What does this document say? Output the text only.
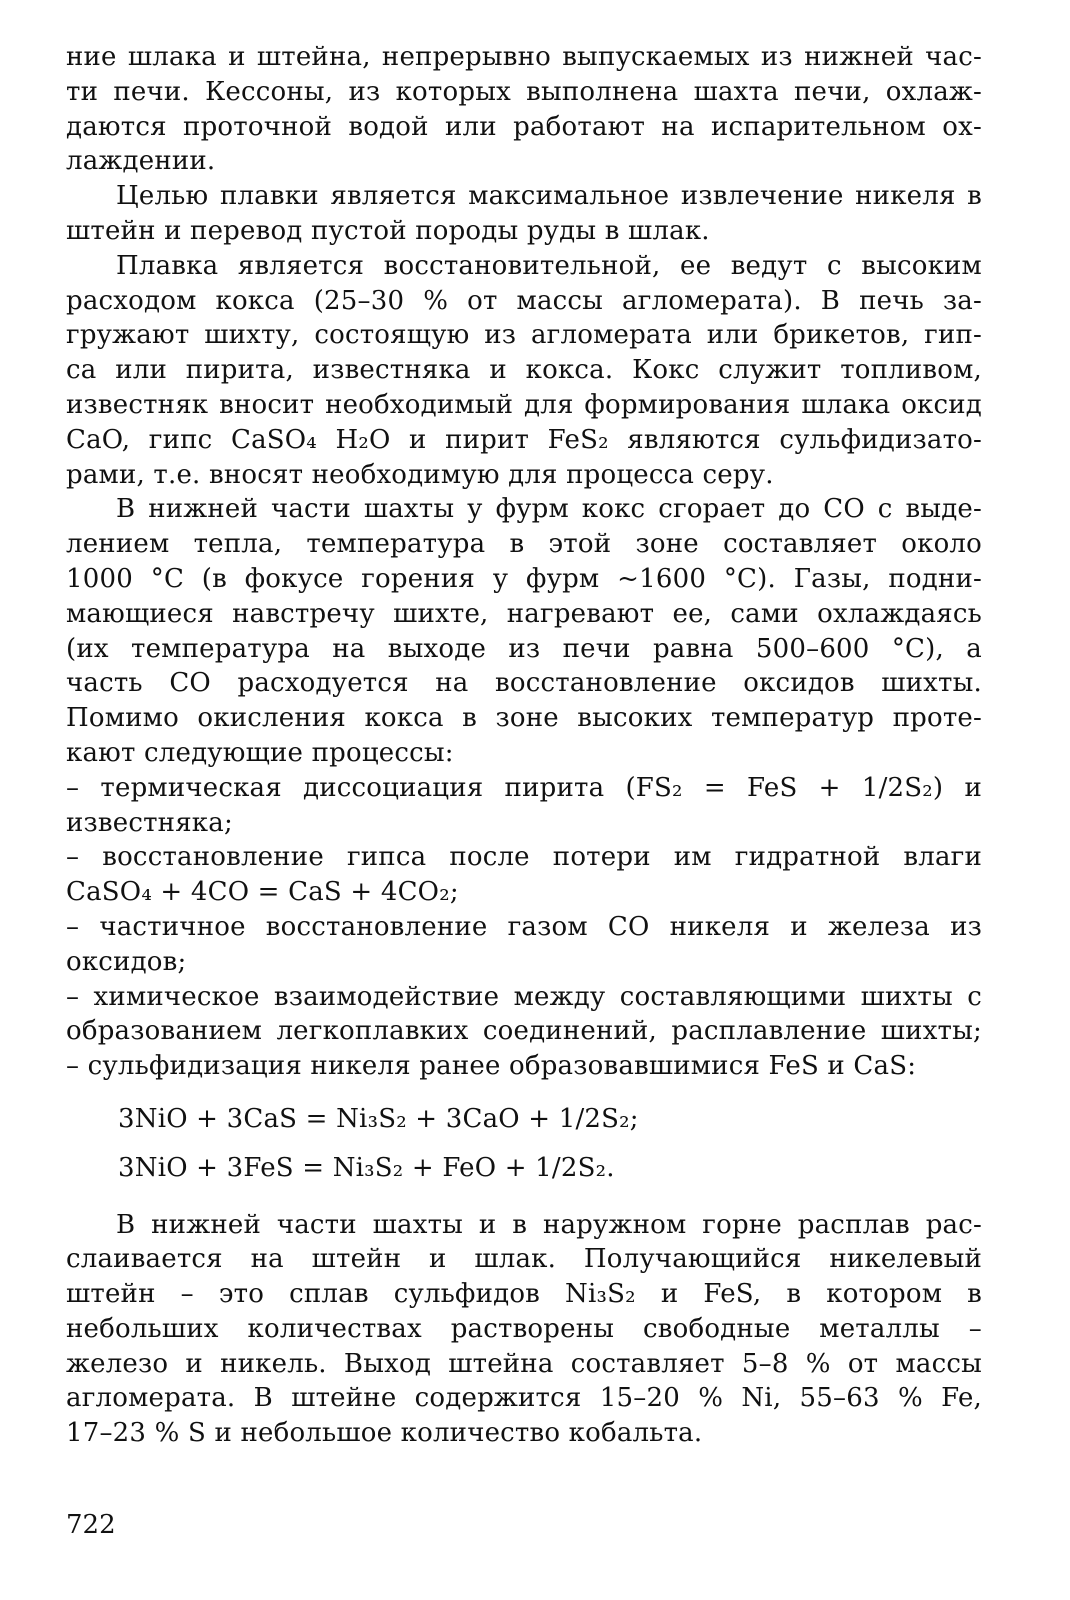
ние шлака и штейна, непрерывно выпускаемых из нижней час-
ти печи. Кессоны, из которых выполнена шахта печи, охлаж-
даются проточной водой или работают на испарительном ох-
лаждении.
Целью плавки является максимальное извлечение никеля в
штейн и перевод пустой породы руды в шлак.
Плавка является восстановительной, ее ведут с высоким
расходом кокса (25–30 % от массы агломерата). В печь за-
гружают шихту, состоящую из агломерата или брикетов, гип-
са или пирита, известняка и кокса. Кокс служит топливом,
известняк вносит необходимый для формирования шлака оксид
CaO, гипс CaSO₄ H₂O и пирит FeS₂ являются сульфидизато-
рами, т.е. вносят необходимую для процесса серу.
В нижней части шахты у фурм кокс сгорает до CO с выде-
лением тепла, температура в этой зоне составляет около
1000 °C (в фокусе горения у фурм ~1600 °C). Газы, подни-
мающиеся навстречу шихте, нагревают ее, сами охлаждаясь
(их температура на выходе из печи равна 500–600 °C), а
часть CO расходуется на восстановление оксидов шихты.
Помимо окисления кокса в зоне высоких температур проте-
кают следующие процессы:
– термическая диссоциация пирита (FS₂ = FeS + 1/2S₂) и
известняка;
– восстановление гипса после потери им гидратной влаги
CaSO₄ + 4CO = CaS + 4CO₂;
– частичное восстановление газом CO никеля и железа из
оксидов;
– химическое взаимодействие между составляющими шихты с
образованием легкоплавких соединений, расплавление шихты;
– сульфидизация никеля ранее образовавшимися FeS и CaS:
3NiO + 3CaS = Ni₃S₂ + 3CaO + 1/2S₂;
3NiO + 3FeS = Ni₃S₂ + FeO + 1/2S₂.
В нижней части шахты и в наружном горне расплав рас-
слаивается на штейн и шлак. Получающийся никелевый
штейн – это сплав сульфидов Ni₃S₂ и FeS, в котором в
небольших количествах растворены свободные металлы –
железо и никель. Выход штейна составляет 5–8 % от массы
агломерата. В штейне содержится 15–20 % Ni, 55–63 % Fe,
17–23 % S и небольшое количество кобальта.
722
